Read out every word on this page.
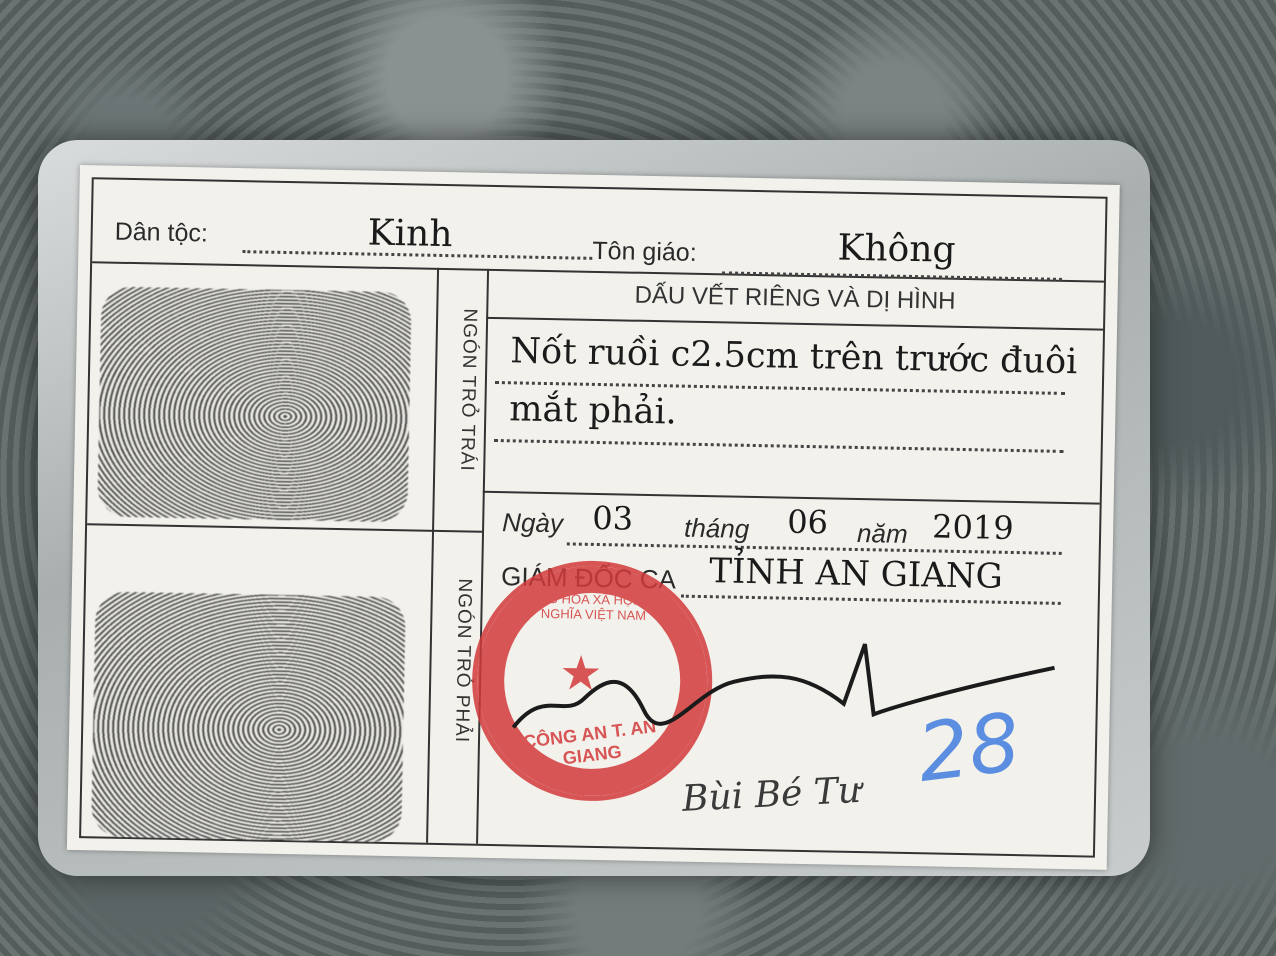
Dân tộc:	Kinh	Tôn giáo:	Không
NGÓN TRỎ TRÁI
NGÓN TRỎ PHẢI
DẤU VẾT RIÊNG VÀ DỊ HÌNH
Nốt ruồi c2.5cm trên trước đuôi
mắt phải.
Ngày 03 tháng 06 năm 2019
GIÁM ĐỐC CA TỈNH AN GIANG
CỘNG HÒA XÃ HỘI CHỦ NGHĨA VIỆT NAM
★
CÔNG AN T. AN GIANG
Bùi Bé Tư 28
